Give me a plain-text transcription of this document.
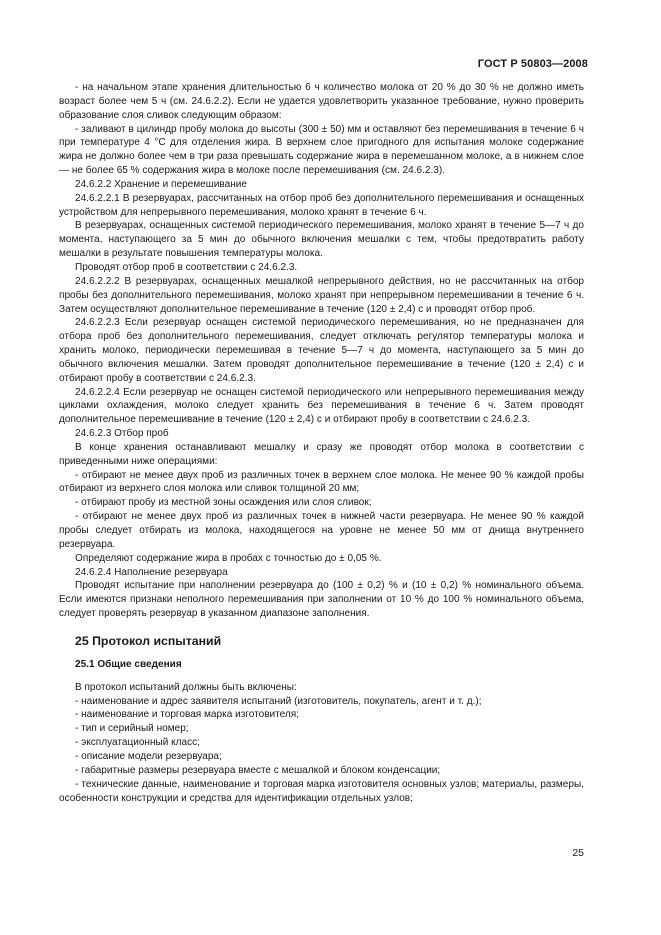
ГОСТ Р 50803—2008

- на начальном этапе хранения длительностью 6 ч количество молока от 20 % до 30 % не должно иметь возраст более чем 5 ч (см. 24.6.2.2). Если не удается удовлетворить указанное требование, нужно проверить образование слоя сливок следующим образом:

- заливают в цилиндр пробу молока до высоты (300 ± 50) мм и оставляют без перемешивания в течение 6 ч при температуре 4 °С для отделения жира. В верхнем слое пригодного для испытания молоке содержание жира не должно более чем в три раза превышать содержание жира в перемешанном молоке, а в нижнем слое — не более 65 % содержания жира в молоке после перемешивания (см. 24.6.2.3).

24.6.2.2 Хранение и перемешивание

24.6.2.2.1 В резервуарах, рассчитанных на отбор проб без дополнительного перемешивания и оснащенных устройством для непрерывного перемешивания, молоко хранят в течение 6 ч.

В резервуарах, оснащенных системой периодического перемешивания, молоко хранят в течение 5—7 ч до момента, наступающего за 5 мин до обычного включения мешалки с тем, чтобы предотвратить работу мешалки в результате повышения температуры молока.

Проводят отбор проб в соответствии с 24.6.2.3.

24.6.2.2.2 В резервуарах, оснащенных мешалкой непрерывного действия, но не рассчитанных на отбор пробы без дополнительного перемешивания, молоко хранят при непрерывном перемешивании в течение 6 ч. Затем осуществляют дополнительное перемешивание в течение (120 ± 2,4) с и проводят отбор проб.

24.6.2.2.3 Если резервуар оснащен системой периодического перемешивания, но не предназначен для отбора проб без дополнительного перемешивания, следует отключать регулятор температуры молока и хранить молоко, периодически перемешивая в течение 5—7 ч до момента, наступающего за 5 мин до обычного включения мешалки. Затем проводят дополнительное перемешивание в течение (120 ± 2,4) с и отбирают пробу в соответствии с 24.6.2.3.

24.6.2.2.4 Если резервуар не оснащен системой периодического или непрерывного перемешивания между циклами охлаждения, молоко следует хранить без перемешивания в течение 6 ч. Затем проводят дополнительное перемешивание в течение (120 ± 2,4) с и отбирают пробу в соответствии с 24.6.2.3.

24.6.2.3 Отбор проб

В конце хранения останавливают мешалку и сразу же проводят отбор молока в соответствии с приведенными ниже операциями:

- отбирают не менее двух проб из различных точек в верхнем слое молока. Не менее 90 % каждой пробы отбирают из верхнего слоя молока или сливок толщиной 20 мм;

- отбирают пробу из местной зоны осаждения или слоя сливок;

- отбирают не менее двух проб из различных точек в нижней части резервуара. Не менее 90 % каждой пробы следует отбирать из молока, находящегося на уровне не менее 50 мм от днища внутреннего резервуара.

Определяют содержание жира в пробах с точностью до ± 0,05 %.

24.6.2.4 Наполнение резервуара

Проводят испытание при наполнении резервуара до (100 ± 0,2) % и (10 ± 0,2) % номинального объема. Если имеются признаки неполного перемешивания при заполнении от 10 % до 100 % номинального объема, следует проверять резервуар в указанном диапазоне заполнения.

25 Протокол испытаний

25.1 Общие сведения

В протокол испытаний должны быть включены:

- наименование и адрес заявителя испытаний (изготовитель, покупатель, агент и т. д.);

- наименование и торговая марка изготовителя;

- тип и серийный номер;

- эксплуатационный класс;

- описание модели резервуара;

- габаритные размеры резервуара вместе с мешалкой и блоком конденсации;

- технические данные, наименование и торговая марка изготовителя основных узлов; материалы, размеры, особенности конструкции и средства для идентификации отдельных узлов;

25
